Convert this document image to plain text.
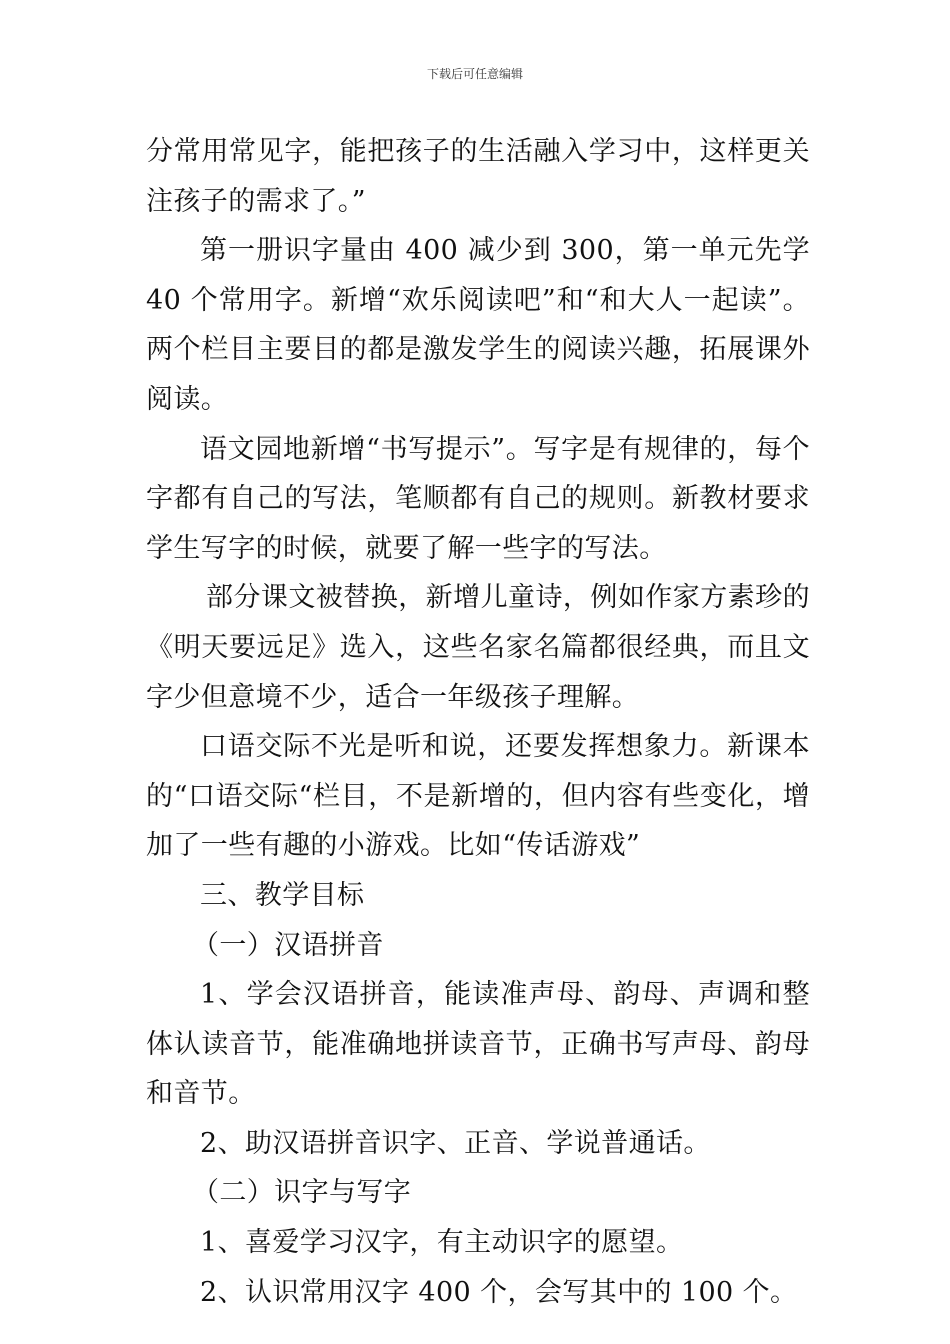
下载后可任意编辑

分常用常见字，能把孩子的生活融入学习中，这样更关注孩子的需求了。”

第一册识字量由 400 减少到 300，第一单元先学 40 个常用字。新增“欢乐阅读吧”和“和大人一起读”。两个栏目主要目的都是激发学生的阅读兴趣，拓展课外阅读。

语文园地新增“书写提示”。写字是有规律的，每个字都有自己的写法，笔顺都有自己的规则。新教材要求学生写字的时候，就要了解一些字的写法。

部分课文被替换，新增儿童诗，例如作家方素珍的《明天要远足》选入，这些名家名篇都很经典，而且文字少但意境不少，适合一年级孩子理解。

口语交际不光是听和说，还要发挥想象力。新课本的“口语交际“栏目，不是新增的，但内容有些变化，增加了一些有趣的小游戏。比如“传话游戏”

三、教学目标

（一）汉语拼音

1、学会汉语拼音，能读准声母、韵母、声调和整体认读音节，能准确地拼读音节，正确书写声母、韵母和音节。

2、助汉语拼音识字、正音、学说普通话。

（二）识字与写字

1、喜爱学习汉字，有主动识字的愿望。

2、认识常用汉字 400 个，会写其中的 100 个。
